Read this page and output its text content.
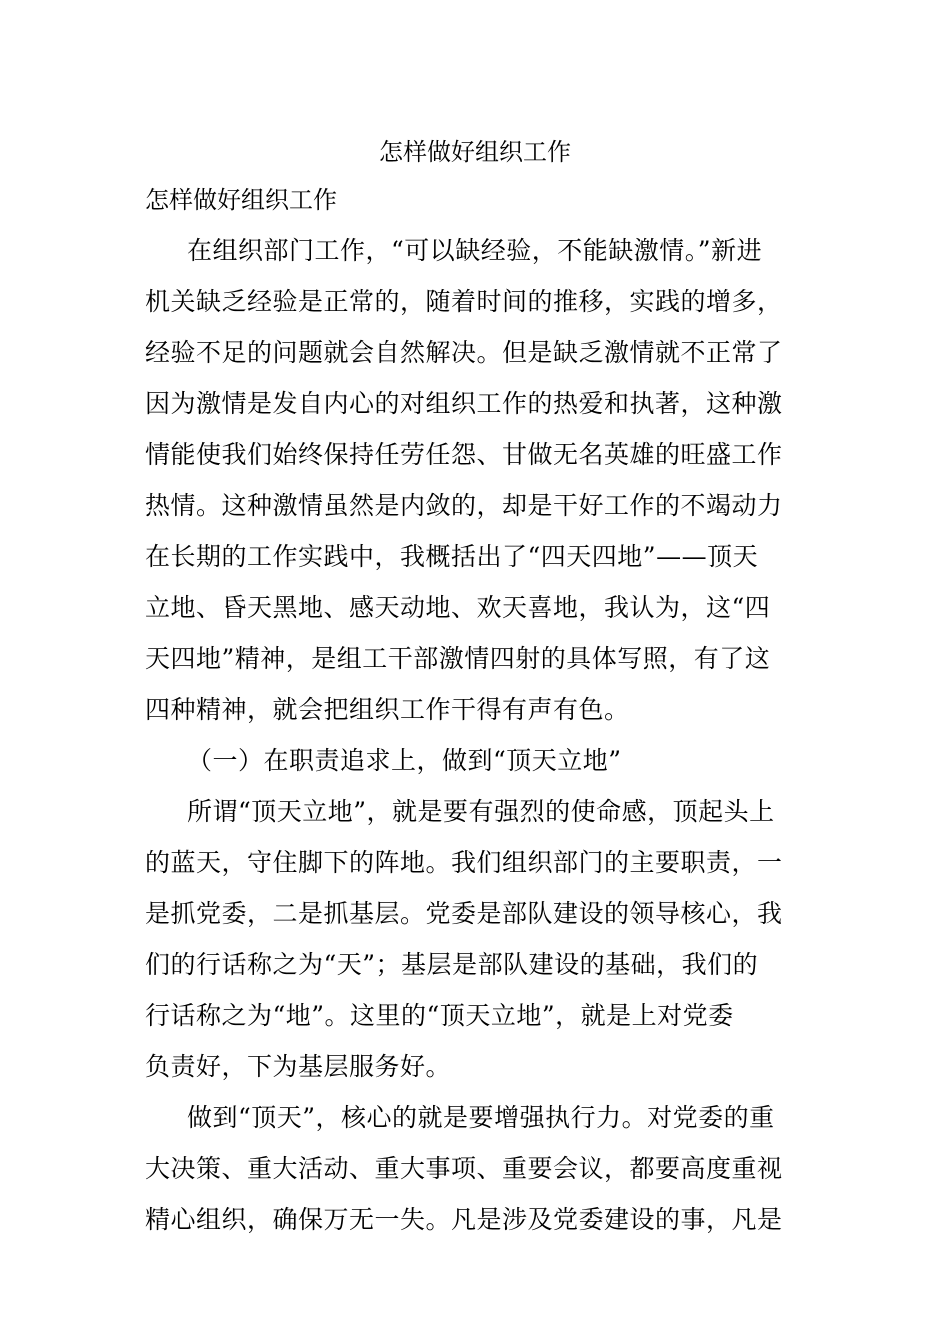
怎样做好组织工作
怎样做好组织工作
在组织部门工作，“可以缺经验，不能缺激情。”新进
机关缺乏经验是正常的，随着时间的推移，实践的增多，
经验不足的问题就会自然解决。但是缺乏激情就不正常了
因为激情是发自内心的对组织工作的热爱和执著，这种激
情能使我们始终保持任劳任怨、甘做无名英雄的旺盛工作
热情。这种激情虽然是内敛的，却是干好工作的不竭动力
在长期的工作实践中，我概括出了“四天四地”——顶天
立地、昏天黑地、感天动地、欢天喜地，我认为，这“四
天四地”精神，是组工干部激情四射的具体写照，有了这
四种精神，就会把组织工作干得有声有色。
（一）在职责追求上，做到“顶天立地”
所谓“顶天立地”，就是要有强烈的使命感，顶起头上
的蓝天，守住脚下的阵地。我们组织部门的主要职责，一
是抓党委，二是抓基层。党委是部队建设的领导核心，我
们的行话称之为“天”；基层是部队建设的基础，我们的
行话称之为“地”。这里的“顶天立地”，就是上对党委
负责好，下为基层服务好。
做到“顶天”，核心的就是要增强执行力。对党委的重
大决策、重大活动、重大事项、重要会议，都要高度重视
精心组织，确保万无一失。凡是涉及党委建设的事，凡是
